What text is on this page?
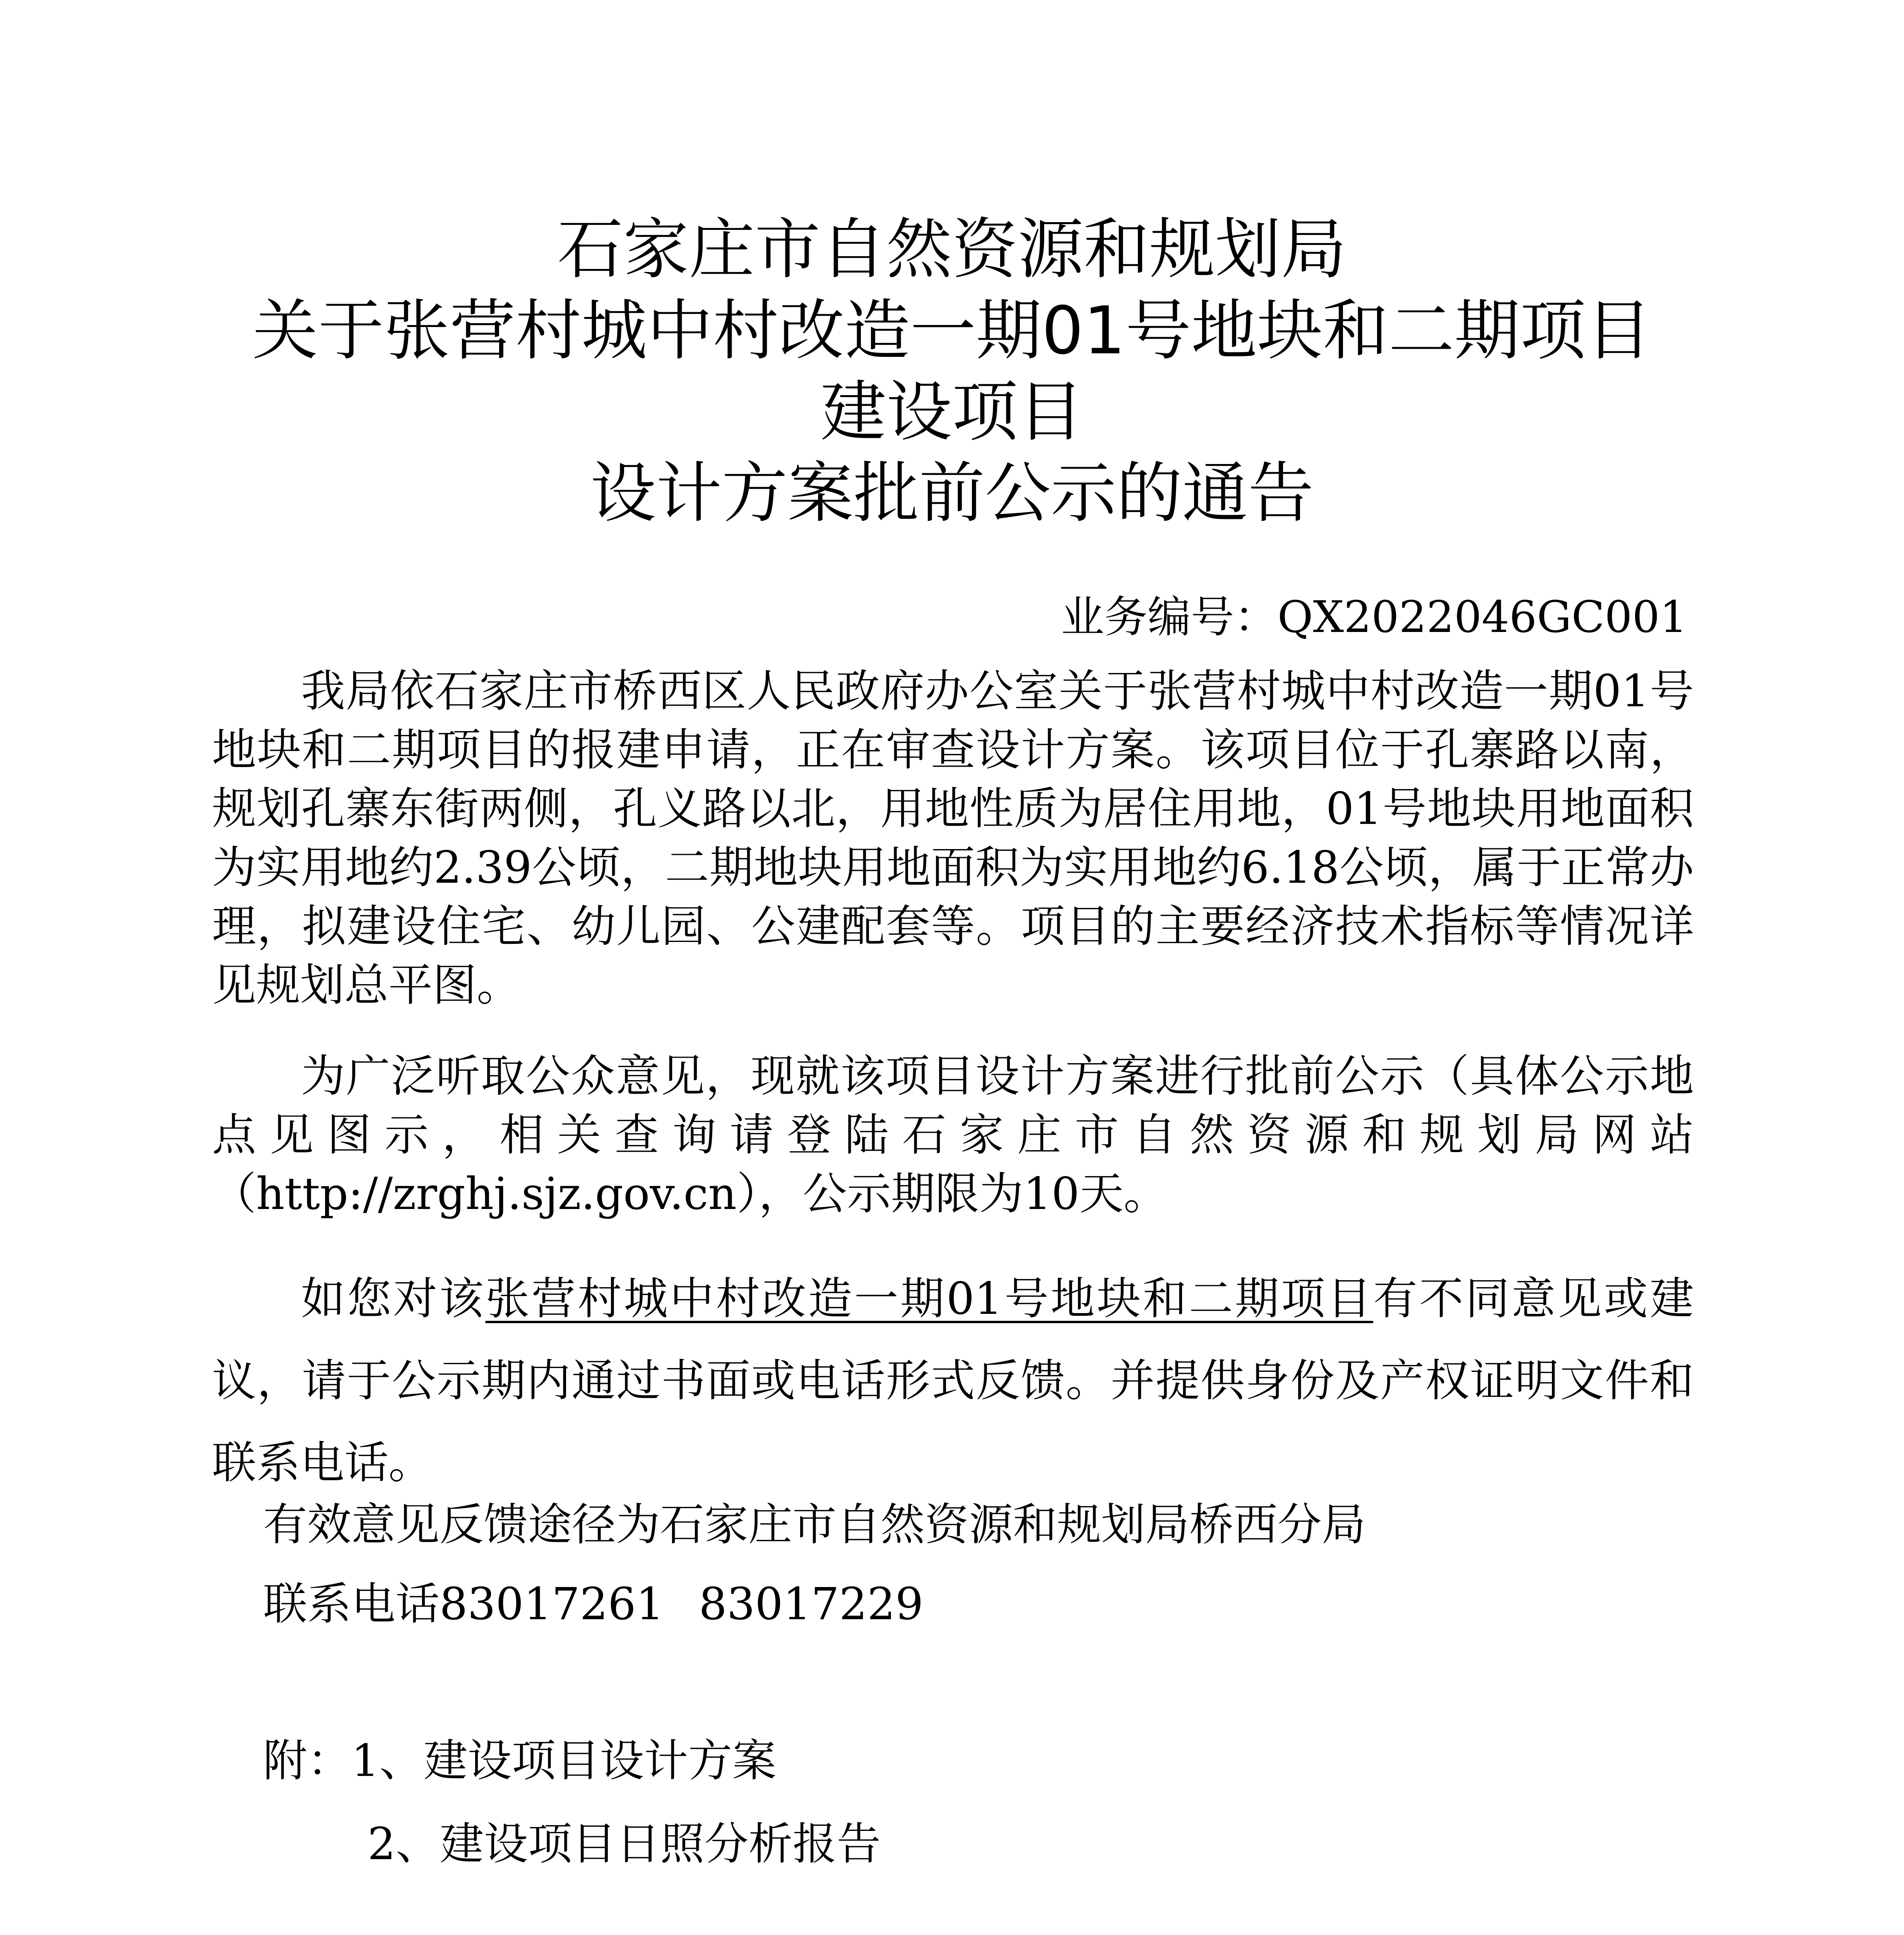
石家庄市自然资源和规划局
关于张营村城中村改造一期01号地块和二期项目
建设项目
设计方案批前公示的通告
业务编号：QX2022046GC001

我局依石家庄市桥西区人民政府办公室关于张营村城中村改造一期01号地块和二期项目的报建申请，正在审查设计方案。该项目位于孔寨路以南，规划孔寨东街两侧，孔义路以北，用地性质为居住用地，01号地块用地面积为实用地约2.39公顷，二期地块用地面积为实用地约6.18公顷，属于正常办理，拟建设住宅、幼儿园、公建配套等。项目的主要经济技术指标等情况详见规划总平图。

为广泛听取公众意见，现就该项目设计方案进行批前公示（具体公示地点见图示，相关查询请登陆石家庄市自然资源和规划局网站（http://zrghj.sjz.gov.cn），公示期限为10天。

如您对该张营村城中村改造一期01号地块和二期项目有不同意见或建议，请于公示期内通过书面或电话形式反馈。并提供身份及产权证明文件和联系电话。

有效意见反馈途径为石家庄市自然资源和规划局桥西分局
联系电话83017261 83017229
附：1、建设项目设计方案
2、建设项目日照分析报告
